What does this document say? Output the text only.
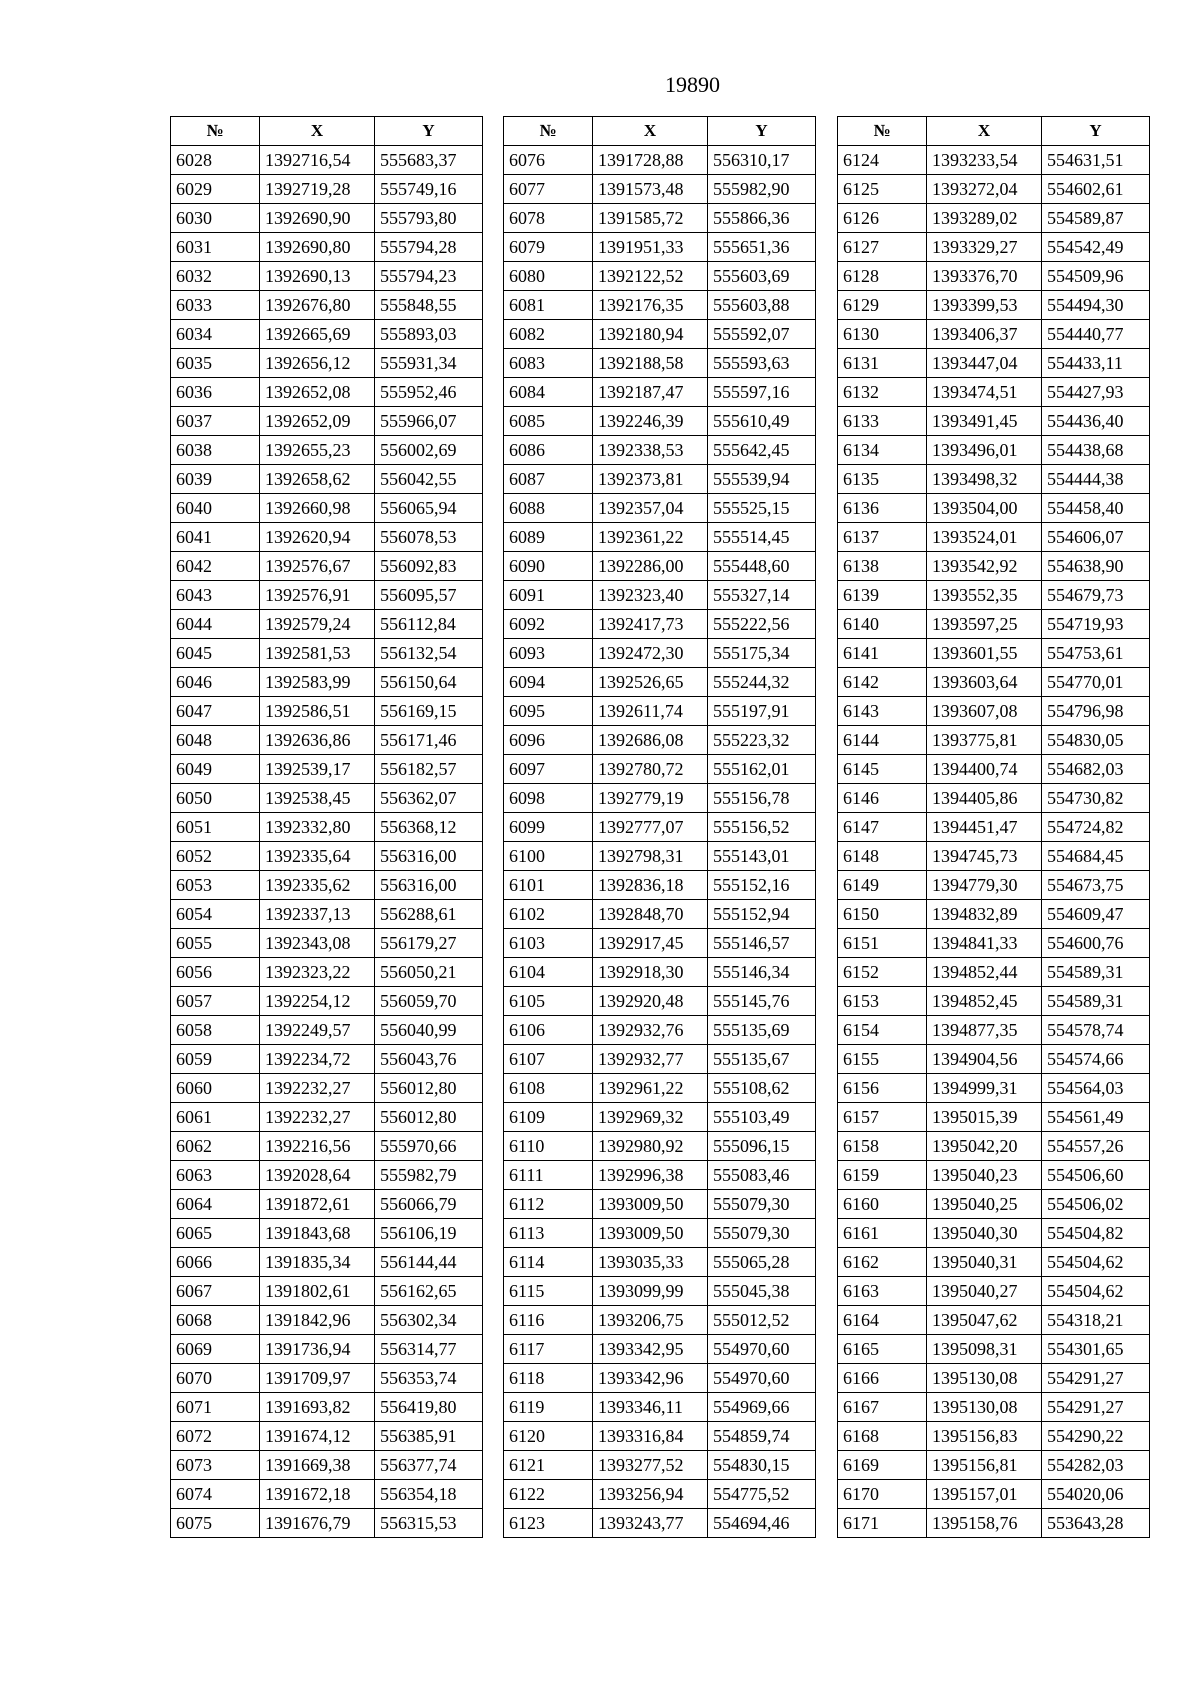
19890
№	X	Y
6028	1392716,54	555683,37
6029	1392719,28	555749,16
6030	1392690,90	555793,80
6031	1392690,80	555794,28
6032	1392690,13	555794,23
6033	1392676,80	555848,55
6034	1392665,69	555893,03
6035	1392656,12	555931,34
6036	1392652,08	555952,46
6037	1392652,09	555966,07
6038	1392655,23	556002,69
6039	1392658,62	556042,55
6040	1392660,98	556065,94
6041	1392620,94	556078,53
6042	1392576,67	556092,83
6043	1392576,91	556095,57
6044	1392579,24	556112,84
6045	1392581,53	556132,54
6046	1392583,99	556150,64
6047	1392586,51	556169,15
6048	1392636,86	556171,46
6049	1392539,17	556182,57
6050	1392538,45	556362,07
6051	1392332,80	556368,12
6052	1392335,64	556316,00
6053	1392335,62	556316,00
6054	1392337,13	556288,61
6055	1392343,08	556179,27
6056	1392323,22	556050,21
6057	1392254,12	556059,70
6058	1392249,57	556040,99
6059	1392234,72	556043,76
6060	1392232,27	556012,80
6061	1392232,27	556012,80
6062	1392216,56	555970,66
6063	1392028,64	555982,79
6064	1391872,61	556066,79
6065	1391843,68	556106,19
6066	1391835,34	556144,44
6067	1391802,61	556162,65
6068	1391842,96	556302,34
6069	1391736,94	556314,77
6070	1391709,97	556353,74
6071	1391693,82	556419,80
6072	1391674,12	556385,91
6073	1391669,38	556377,74
6074	1391672,18	556354,18
6075	1391676,79	556315,53
№	X	Y
6076	1391728,88	556310,17
6077	1391573,48	555982,90
6078	1391585,72	555866,36
6079	1391951,33	555651,36
6080	1392122,52	555603,69
6081	1392176,35	555603,88
6082	1392180,94	555592,07
6083	1392188,58	555593,63
6084	1392187,47	555597,16
6085	1392246,39	555610,49
6086	1392338,53	555642,45
6087	1392373,81	555539,94
6088	1392357,04	555525,15
6089	1392361,22	555514,45
6090	1392286,00	555448,60
6091	1392323,40	555327,14
6092	1392417,73	555222,56
6093	1392472,30	555175,34
6094	1392526,65	555244,32
6095	1392611,74	555197,91
6096	1392686,08	555223,32
6097	1392780,72	555162,01
6098	1392779,19	555156,78
6099	1392777,07	555156,52
6100	1392798,31	555143,01
6101	1392836,18	555152,16
6102	1392848,70	555152,94
6103	1392917,45	555146,57
6104	1392918,30	555146,34
6105	1392920,48	555145,76
6106	1392932,76	555135,69
6107	1392932,77	555135,67
6108	1392961,22	555108,62
6109	1392969,32	555103,49
6110	1392980,92	555096,15
6111	1392996,38	555083,46
6112	1393009,50	555079,30
6113	1393009,50	555079,30
6114	1393035,33	555065,28
6115	1393099,99	555045,38
6116	1393206,75	555012,52
6117	1393342,95	554970,60
6118	1393342,96	554970,60
6119	1393346,11	554969,66
6120	1393316,84	554859,74
6121	1393277,52	554830,15
6122	1393256,94	554775,52
6123	1393243,77	554694,46
№	X	Y
6124	1393233,54	554631,51
6125	1393272,04	554602,61
6126	1393289,02	554589,87
6127	1393329,27	554542,49
6128	1393376,70	554509,96
6129	1393399,53	554494,30
6130	1393406,37	554440,77
6131	1393447,04	554433,11
6132	1393474,51	554427,93
6133	1393491,45	554436,40
6134	1393496,01	554438,68
6135	1393498,32	554444,38
6136	1393504,00	554458,40
6137	1393524,01	554606,07
6138	1393542,92	554638,90
6139	1393552,35	554679,73
6140	1393597,25	554719,93
6141	1393601,55	554753,61
6142	1393603,64	554770,01
6143	1393607,08	554796,98
6144	1393775,81	554830,05
6145	1394400,74	554682,03
6146	1394405,86	554730,82
6147	1394451,47	554724,82
6148	1394745,73	554684,45
6149	1394779,30	554673,75
6150	1394832,89	554609,47
6151	1394841,33	554600,76
6152	1394852,44	554589,31
6153	1394852,45	554589,31
6154	1394877,35	554578,74
6155	1394904,56	554574,66
6156	1394999,31	554564,03
6157	1395015,39	554561,49
6158	1395042,20	554557,26
6159	1395040,23	554506,60
6160	1395040,25	554506,02
6161	1395040,30	554504,82
6162	1395040,31	554504,62
6163	1395040,27	554504,62
6164	1395047,62	554318,21
6165	1395098,31	554301,65
6166	1395130,08	554291,27
6167	1395130,08	554291,27
6168	1395156,83	554290,22
6169	1395156,81	554282,03
6170	1395157,01	554020,06
6171	1395158,76	553643,28
